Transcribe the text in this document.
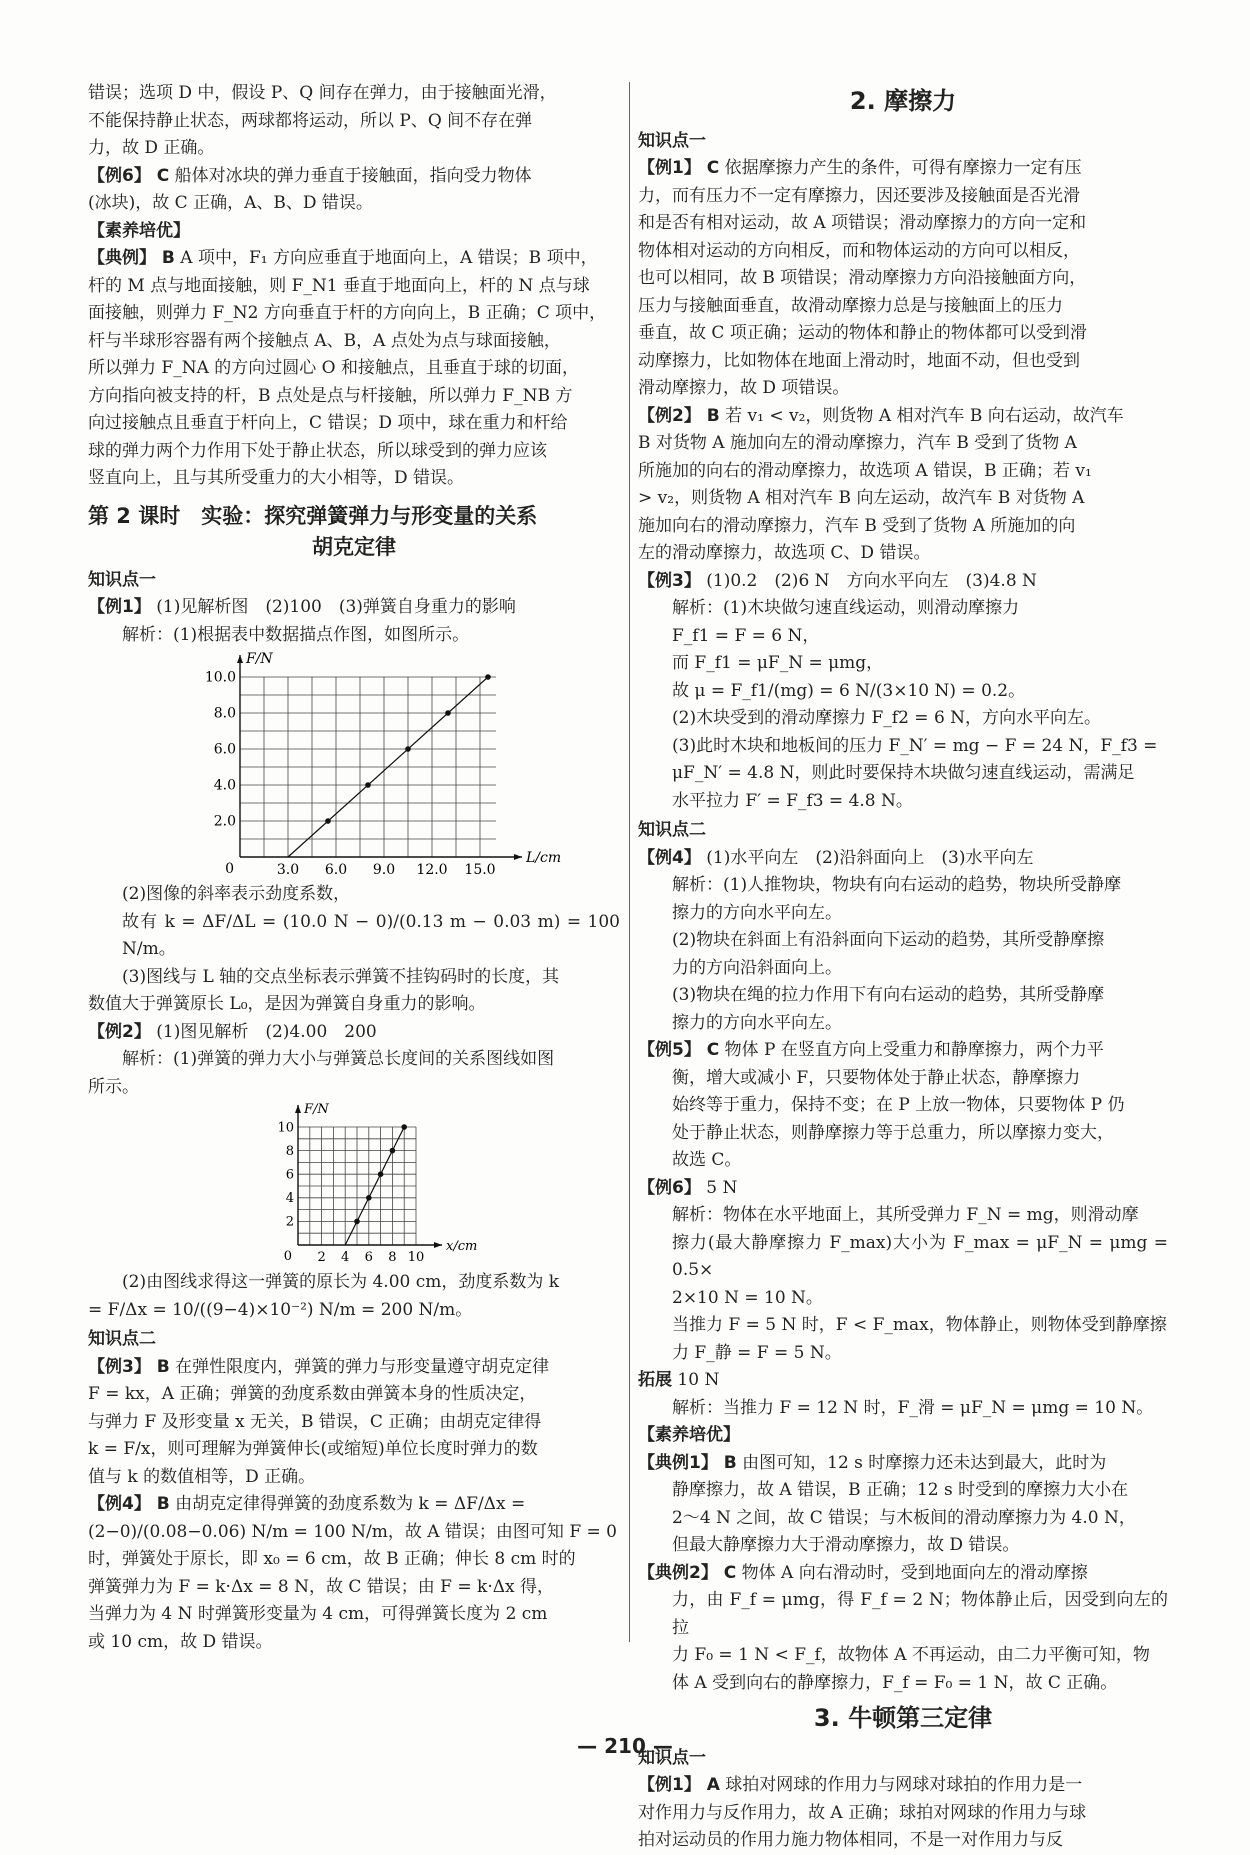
错误；选项 D 中，假设 P、Q 间存在弹力，由于接触面光滑，

不能保持静止状态，两球都将运动，所以 P、Q 间不存在弹

力，故 D 正确。

【例6】 C 船体对冰块的弹力垂直于接触面，指向受力物体

(冰块)，故 C 正确，A、B、D 错误。

【素养培优】

【典例】 B A 项中，F₁ 方向应垂直于地面向上，A 错误；B 项中，

杆的 M 点与地面接触，则 F_N1 垂直于地面向上，杆的 N 点与球

面接触，则弹力 F_N2 方向垂直于杆的方向向上，B 正确；C 项中，

杆与半球形容器有两个接触点 A、B，A 点处为点与球面接触，

所以弹力 F_NA 的方向过圆心 O 和接触点，且垂直于球的切面，

方向指向被支持的杆，B 点处是点与杆接触，所以弹力 F_NB 方

向过接触点且垂直于杆向上，C 错误；D 项中，球在重力和杆给

球的弹力两个力作用下处于静止状态，所以球受到的弹力应该

竖直向上，且与其所受重力的大小相等，D 错误。

第 2 课时　实验：探究弹簧弹力与形变量的关系
胡克定律

知识点一

【例1】 (1)见解析图　(2)100　(3)弹簧自身重力的影响

解析：(1)根据表中数据描点作图，如图所示。

F/N
L/cm
0	3.0 6.0 9.0 12.0 15.0
2.0
4.0
6.0
8.0
10.0

(2)图像的斜率表示劲度系数，

故有 k = ΔF/ΔL = (10.0 N − 0)/(0.13 m − 0.03 m) = 100 N/m。

(3)图线与 L 轴的交点坐标表示弹簧不挂钩码时的长度，其

数值大于弹簧原长 L₀，是因为弹簧自身重力的影响。

【例2】 (1)图见解析　(2)4.00　200

解析：(1)弹簧的弹力大小与弹簧总长度间的关系图线如图

所示。

F/N
x/cm
0 2 4 6 8 10
2
4
6
8
10

(2)由图线求得这一弹簧的原长为 4.00 cm，劲度系数为 k

= F/Δx = 10/((9−4)×10⁻²) N/m = 200 N/m。

知识点二

【例3】 B 在弹性限度内，弹簧的弹力与形变量遵守胡克定律

F = kx，A 正确；弹簧的劲度系数由弹簧本身的性质决定，

与弹力 F 及形变量 x 无关，B 错误，C 正确；由胡克定律得

k = F/x，则可理解为弹簧伸长(或缩短)单位长度时弹力的数

值与 k 的数值相等，D 正确。

【例4】 B 由胡克定律得弹簧的劲度系数为 k = ΔF/Δx =

(2−0)/(0.08−0.06) N/m = 100 N/m，故 A 错误；由图可知 F = 0

时，弹簧处于原长，即 x₀ = 6 cm，故 B 正确；伸长 8 cm 时的

弹簧弹力为 F = k·Δx = 8 N，故 C 错误；由 F = k·Δx 得，

当弹力为 4 N 时弹簧形变量为 4 cm，可得弹簧长度为 2 cm

或 10 cm，故 D 错误。

2. 摩擦力

知识点一

【例1】 C 依据摩擦力产生的条件，可得有摩擦力一定有压

力，而有压力不一定有摩擦力，因还要涉及接触面是否光滑

和是否有相对运动，故 A 项错误；滑动摩擦力的方向一定和

物体相对运动的方向相反，而和物体运动的方向可以相反，

也可以相同，故 B 项错误；滑动摩擦力方向沿接触面方向，

压力与接触面垂直，故滑动摩擦力总是与接触面上的压力

垂直，故 C 项正确；运动的物体和静止的物体都可以受到滑

动摩擦力，比如物体在地面上滑动时，地面不动，但也受到

滑动摩擦力，故 D 项错误。

【例2】 B 若 v₁ < v₂，则货物 A 相对汽车 B 向右运动，故汽车

B 对货物 A 施加向左的滑动摩擦力，汽车 B 受到了货物 A

所施加的向右的滑动摩擦力，故选项 A 错误，B 正确；若 v₁

> v₂，则货物 A 相对汽车 B 向左运动，故汽车 B 对货物 A

施加向右的滑动摩擦力，汽车 B 受到了货物 A 所施加的向

左的滑动摩擦力，故选项 C、D 错误。

【例3】 (1)0.2　(2)6 N　方向水平向左　(3)4.8 N

解析：(1)木块做匀速直线运动，则滑动摩擦力

F_f1 = F = 6 N，

而 F_f1 = μF_N = μmg，

故 μ = F_f1/(mg) = 6 N/(3×10 N) = 0.2。

(2)木块受到的滑动摩擦力 F_f2 = 6 N，方向水平向左。

(3)此时木块和地板间的压力 F_N′ = mg − F = 24 N，F_f3 =

μF_N′ = 4.8 N，则此时要保持木块做匀速直线运动，需满足

水平拉力 F′ = F_f3 = 4.8 N。

知识点二

【例4】 (1)水平向左　(2)沿斜面向上　(3)水平向左

解析：(1)人推物块，物块有向右运动的趋势，物块所受静摩

擦力的方向水平向左。

(2)物块在斜面上有沿斜面向下运动的趋势，其所受静摩擦

力的方向沿斜面向上。

(3)物块在绳的拉力作用下有向右运动的趋势，其所受静摩

擦力的方向水平向左。

【例5】 C 物体 P 在竖直方向上受重力和静摩擦力，两个力平

衡，增大或减小 F，只要物体处于静止状态，静摩擦力

始终等于重力，保持不变；在 P 上放一物体，只要物体 P 仍

处于静止状态，则静摩擦力等于总重力，所以摩擦力变大，

故选 C。

【例6】 5 N

解析：物体在水平地面上，其所受弹力 F_N = mg，则滑动摩

擦力(最大静摩擦力 F_max)大小为 F_max = μF_N = μmg = 0.5×

2×10 N = 10 N。

当推力 F = 5 N 时，F < F_max，物体静止，则物体受到静摩擦

力 F_静 = F = 5 N。

拓展 10 N

解析：当推力 F = 12 N 时，F_滑 = μF_N = μmg = 10 N。

【素养培优】

【典例1】 B 由图可知，12 s 时摩擦力还未达到最大，此时为

静摩擦力，故 A 错误，B 正确；12 s 时受到的摩擦力大小在

2～4 N 之间，故 C 错误；与木板间的滑动摩擦力为 4.0 N，

但最大静摩擦力大于滑动摩擦力，故 D 错误。

【典例2】 C 物体 A 向右滑动时，受到地面向左的滑动摩擦

力，由 F_f = μmg，得 F_f = 2 N；物体静止后，因受到向左的拉

力 F₀ = 1 N < F_f，故物体 A 不再运动，由二力平衡可知，物

体 A 受到向右的静摩擦力，F_f = F₀ = 1 N，故 C 正确。

3. 牛顿第三定律

知识点一

【例1】 A 球拍对网球的作用力与网球对球拍的作用力是一

对作用力与反作用力，故 A 正确；球拍对网球的作用力与球

拍对运动员的作用力施力物体相同，不是一对作用力与反

— 210 —
